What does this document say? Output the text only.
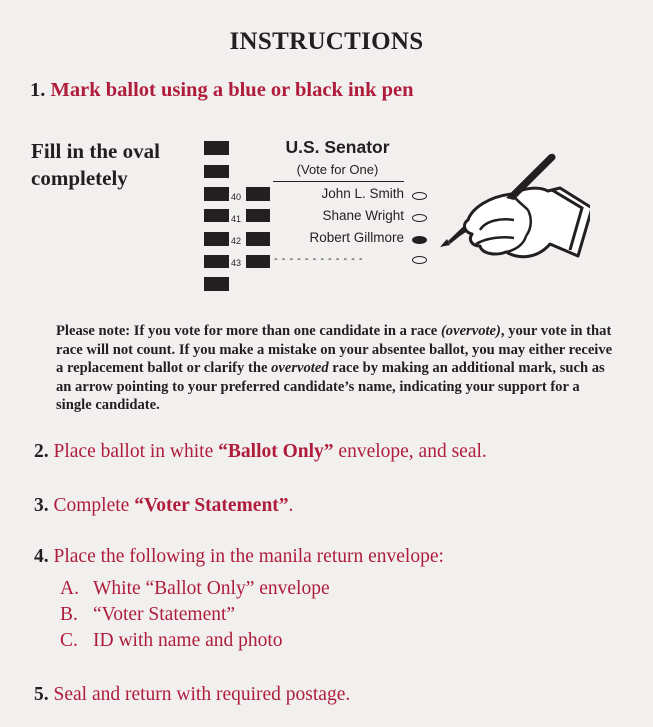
INSTRUCTIONS
1. Mark ballot using a blue or black ink pen
Fill in the oval
completely
40
41
42
43
U.S. Senator
(Vote for One)
John L. Smith
Shane Wright
Robert Gillmore
- - - - - - - - - - - -
Please note: If you vote for more than one candidate in a race (overvote), your vote in that race will not count. If you make a mistake on your absentee ballot, you may either receive a replacement ballot or clarify the overvoted race by making an additional mark, such as an arrow pointing to your preferred candidate’s name, indicating your support for a single candidate.
2. Place ballot in white “Ballot Only” envelope, and seal.
3. Complete “Voter Statement”.
4. Place the following in the manila return envelope:
A. White “Ballot Only” envelope
B. “Voter Statement”
C. ID with name and photo
5. Seal and return with required postage.
